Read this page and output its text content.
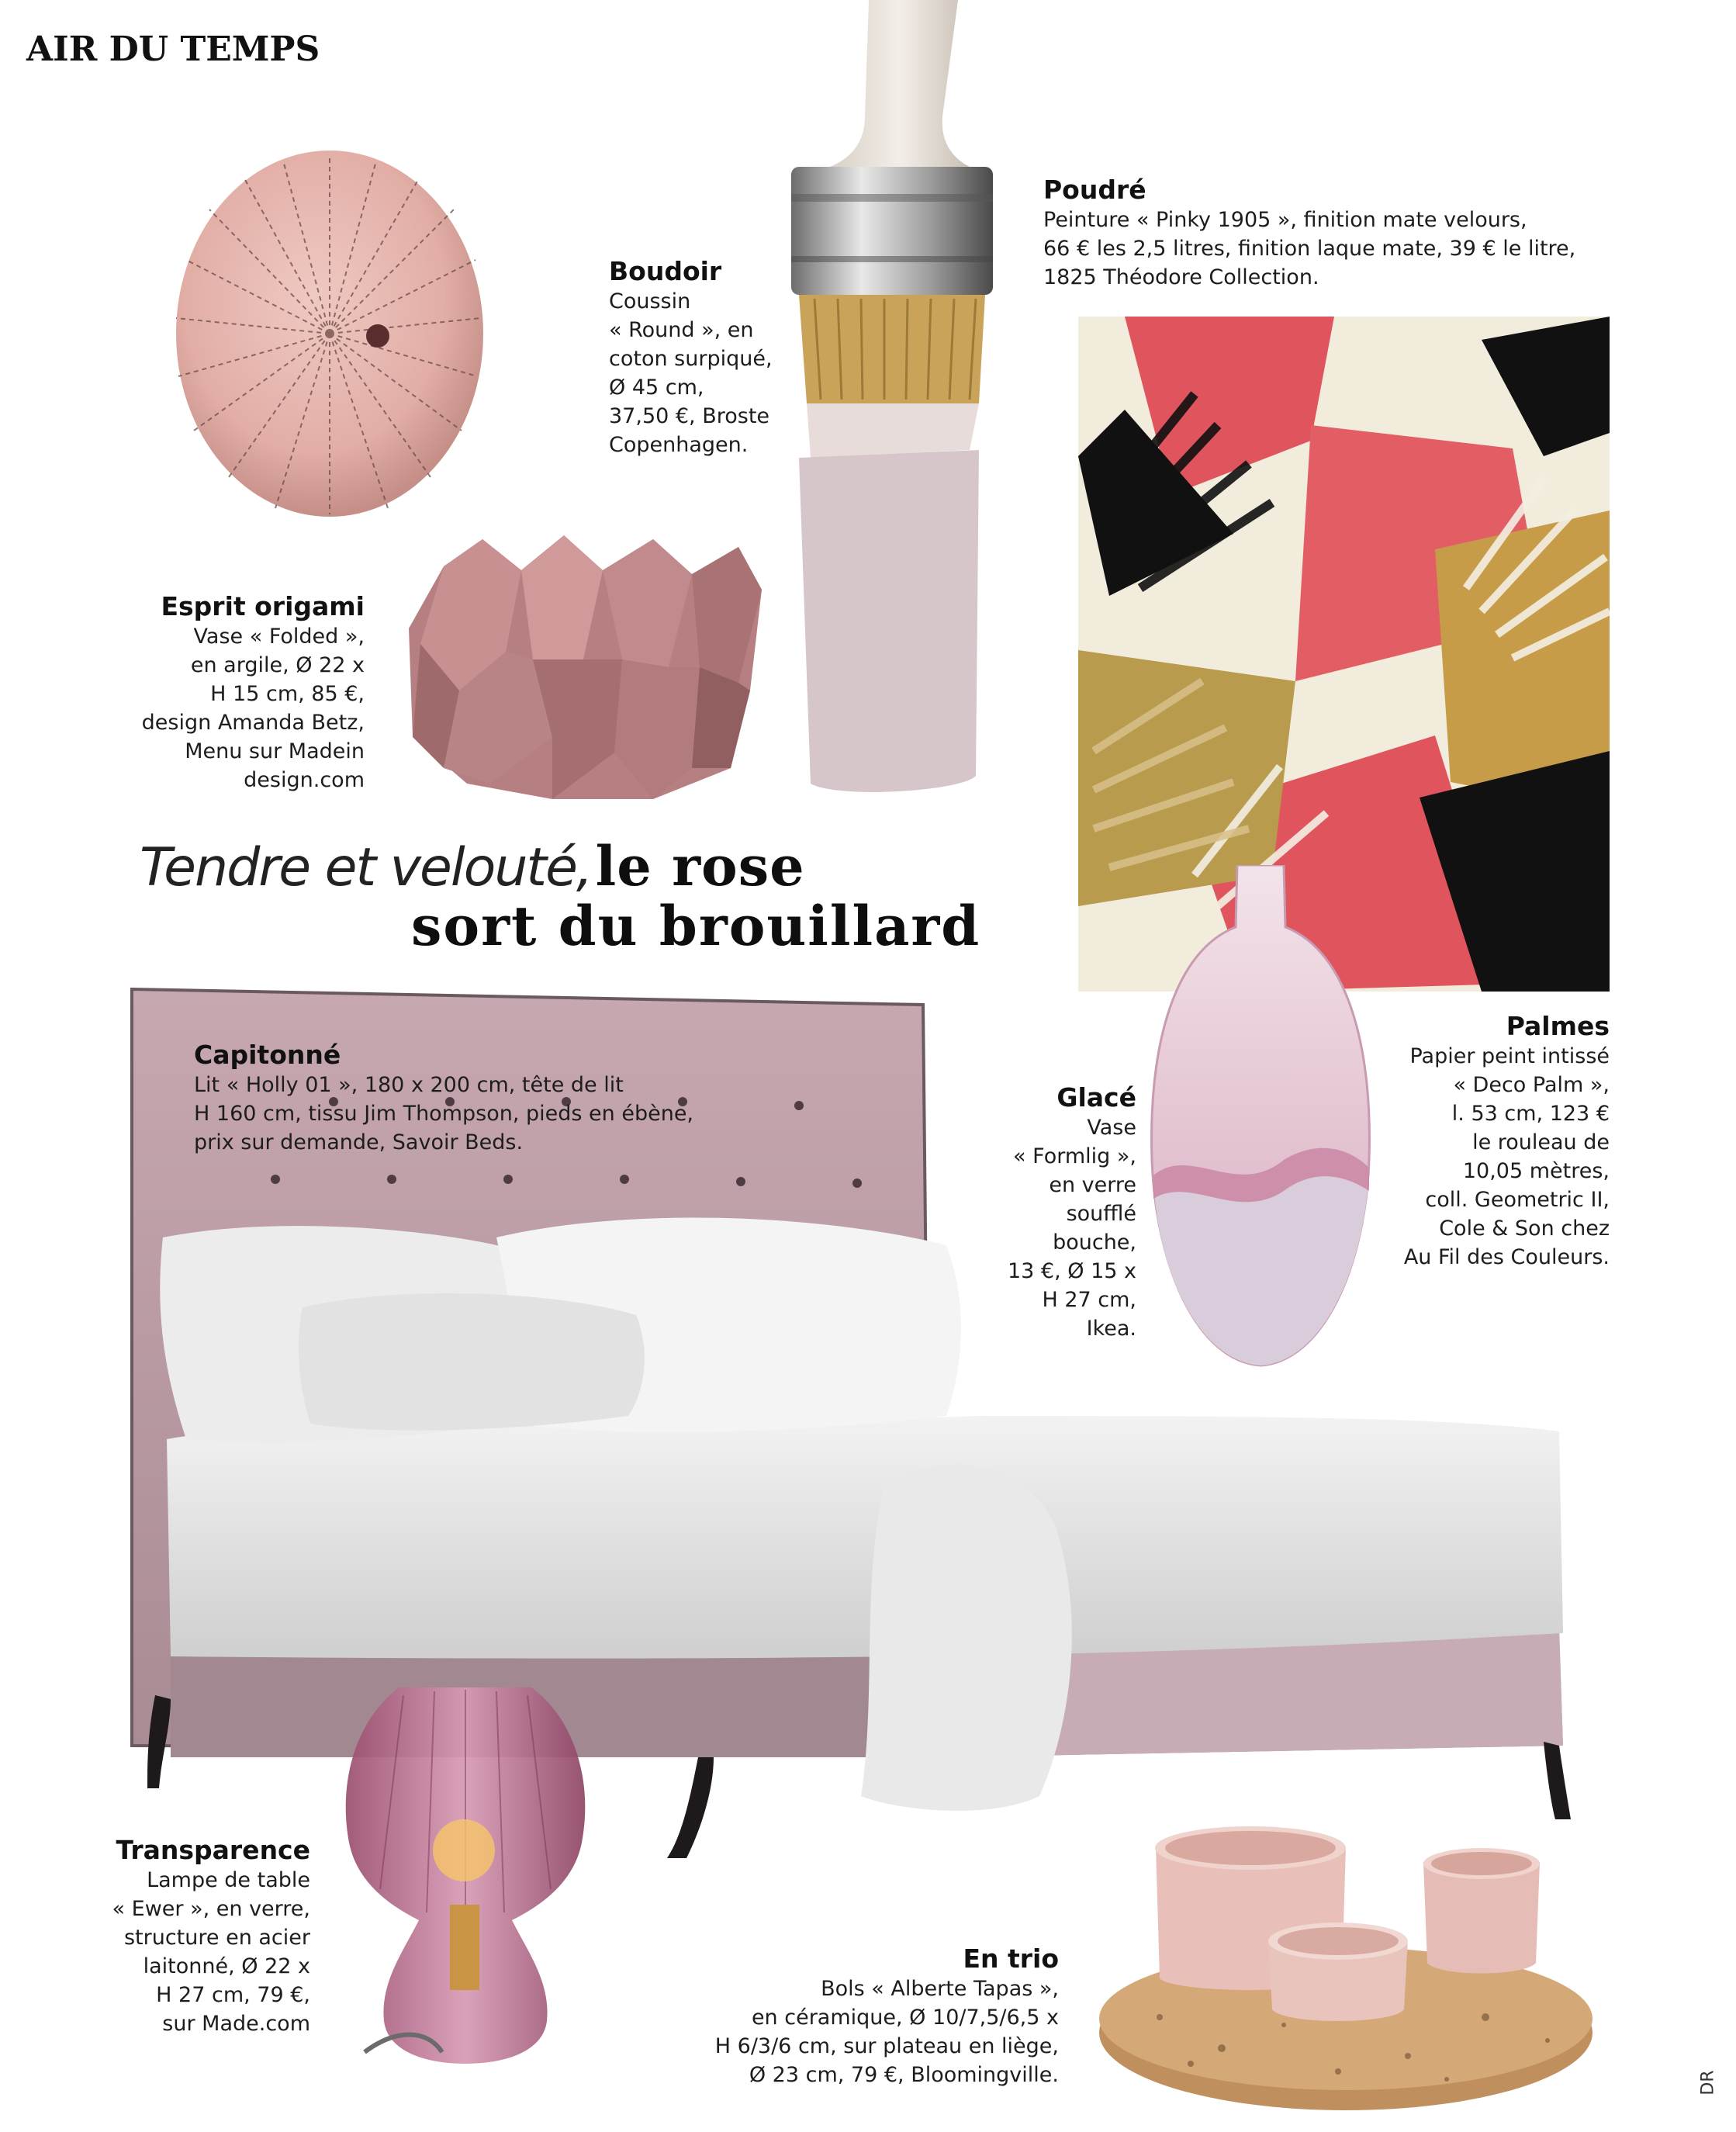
AIR DU TEMPS
Boudoir

Coussin
« Round », en
coton surpiqué,
Ø 45 cm,
37,50 €, Broste
Copenhagen.

Poudré

Peinture « Pinky 1905 », finition mate velours,
66 € les 2,5 litres, finition laque mate, 39 € le litre,
1825 Théodore Collection.

Esprit origami

Vase « Folded »,
en argile, Ø 22 x
H 15 cm, 85 €,
design Amanda Betz,
Menu sur Madein
design.com

Tendre et velouté, le rose
sort du brouillard
Palmes

Papier peint intissé
« Deco Palm »,
l. 53 cm, 123 €
le rouleau de
10,05 mètres,
coll. Geometric II,
Cole & Son chez
Au Fil des Couleurs.

Capitonné

Lit « Holly 01 », 180 x 200 cm, tête de lit
H 160 cm, tissu Jim Thompson, pieds en ébène,
prix sur demande, Savoir Beds.

Glacé

Vase
« Formlig »,
en verre
soufflé
bouche,
13 €, Ø 15 x
H 27 cm,
Ikea.

Transparence

Lampe de table
« Ewer », en verre,
structure en acier
laitonné, Ø 22 x
H 27 cm, 79 €,
sur Made.com

En trio

Bols « Alberte Tapas »,
en céramique, Ø 10/7,5/6,5 x
H 6/3/6 cm, sur plateau en liège,
Ø 23 cm, 79 €, Bloomingville.	DR
